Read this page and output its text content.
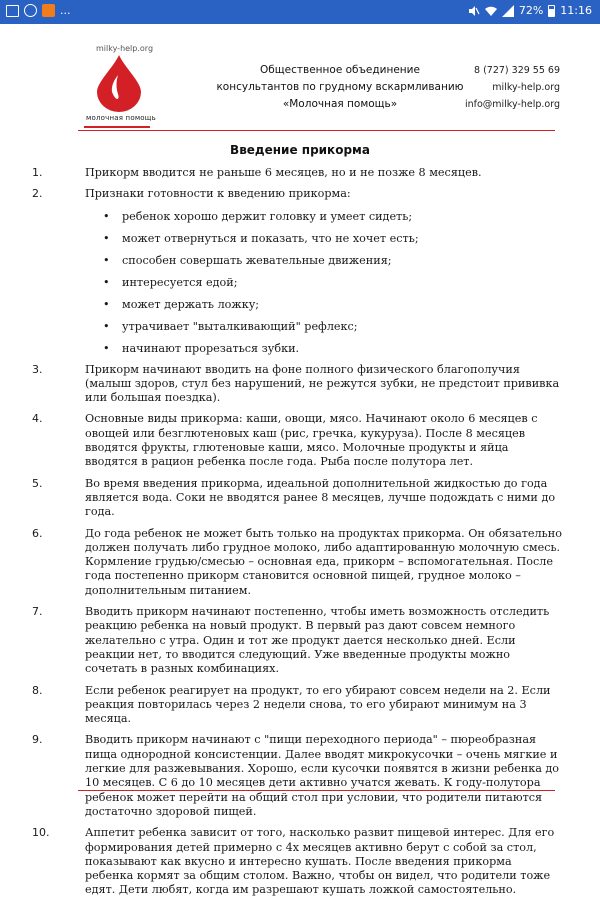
...	72% 11:16
milky-help.org
молочная помощь
Общественное объединение
консультантов по грудному вскармливанию
«Молочная помощь»
8 (727) 329 55 69
milky-help.org
info@milky-help.org
Введение прикорма
1.	Прикорм вводится не раньше 6 месяцев, но и не позже 8 месяцев.
2.	Признаки готовности к введению прикорма:
• ребенок хорошо держит головку и умеет сидеть;
• может отвернуться и показать, что не хочет есть;
• способен совершать жевательные движения;
• интересуется едой;
• может держать ложку;
• утрачивает "выталкивающий" рефлекс;
• начинают прорезаться зубки.
3.	Прикорм начинают вводить на фоне полного физического благополучия (малыш здоров, стул без нарушений, не режутся зубки, не предстоит прививка или большая поездка).
4.	Основные виды прикорма: каши, овощи, мясо. Начинают около 6 месяцев с овощей или безглютеновых каш (рис, гречка, кукуруза). После 8 месяцев вводятся фрукты, глютеновые каши, мясо. Молочные продукты и яйца вводятся в рацион ребенка после года. Рыба после полутора лет.
5.	Во время введения прикорма, идеальной дополнительной жидкостью до года является вода. Соки не вводятся ранее 8 месяцев, лучше подождать с ними до года.
6.	До года ребенок не может быть только на продуктах прикорма. Он обязательно должен получать либо грудное молоко, либо адаптированную молочную смесь. Кормление грудью/смесью – основная еда, прикорм – вспомогательная. После года постепенно прикорм становится основной пищей, грудное молоко – дополнительным питанием.
7.	Вводить прикорм начинают постепенно, чтобы иметь возможность отследить реакцию ребенка на новый продукт. В первый раз дают совсем немного желательно с утра. Один и тот же продукт дается несколько дней. Если реакции нет, то вводится следующий. Уже введенные продукты можно сочетать в разных комбинациях.
8.	Если ребенок реагирует на продукт, то его убирают совсем недели на 2. Если реакция повторилась через 2 недели снова, то его убирают минимум на 3 месяца.
9.	Вводить прикорм начинают с "пищи переходного периода" – пюреобразная пища однородной консистенции. Далее вводят микрокусочки – очень мягкие и легкие для разжевывания. Хорошо, если кусочки появятся в жизни ребенка до 10 месяцев. С 6 до 10 месяцев дети активно учатся жевать. К году-полутора ребенок может перейти на общий стол при условии, что родители питаются достаточно здоровой пищей.
10.	Аппетит ребенка зависит от того, насколько развит пищевой интерес. Для его формирования детей примерно с 4х месяцев активно берут с собой за стол, показывают как вкусно и интересно кушать. После введения прикорма ребенка кормят за общим столом. Важно, чтобы он видел, что родители тоже едят. Дети любят, когда им разрешают кушать ложкой самостоятельно.
